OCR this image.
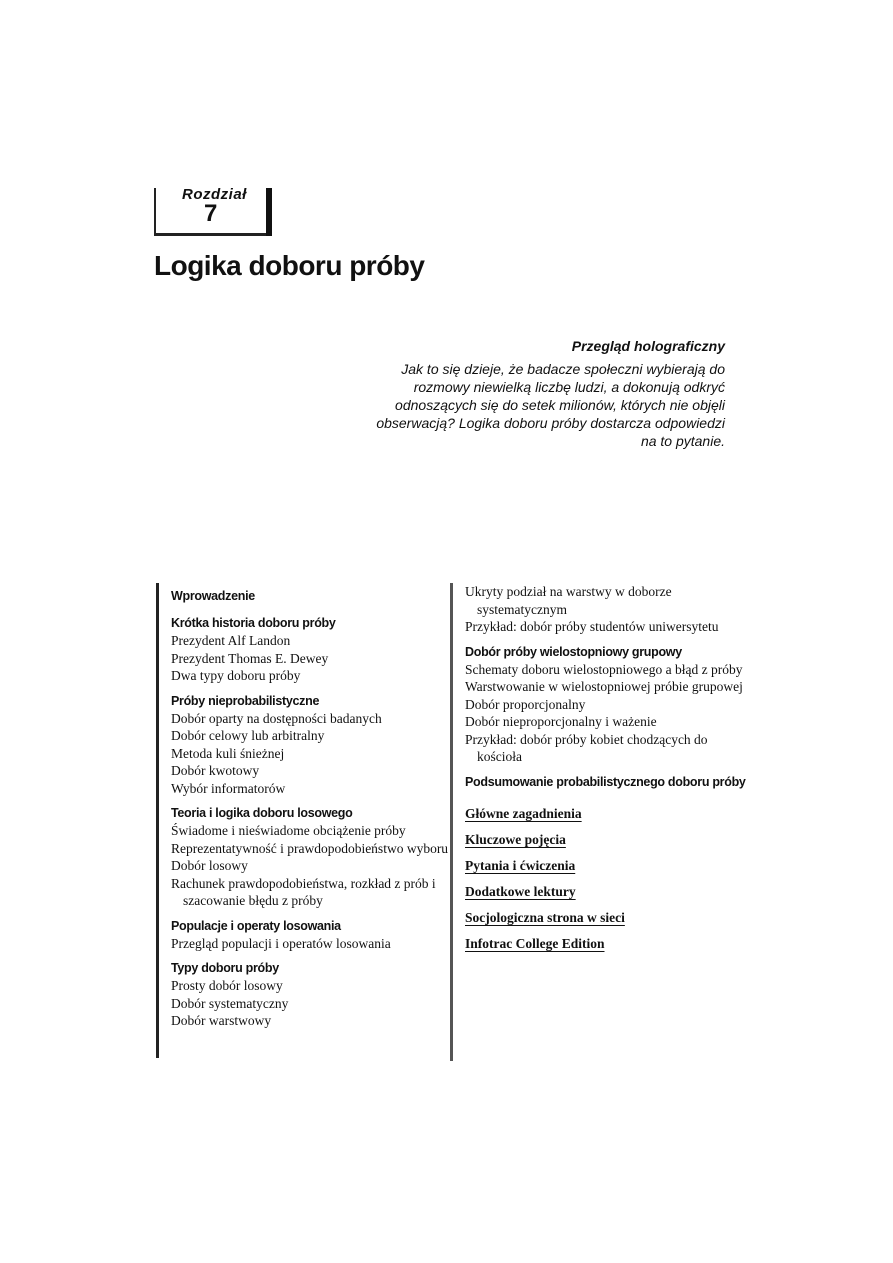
Rozdział
7
Logika doboru próby
Przegląd holograficzny
Jak to się dzieje, że badacze społeczni wybierają do rozmowy niewielką liczbę ludzi, a dokonują odkryć odnoszących się do setek milionów, których nie objęli obserwacją? Logika doboru próby dostarcza odpowiedzi na to pytanie.
Wprowadzenie
Krótka historia doboru próby
Prezydent Alf Landon
Prezydent Thomas E. Dewey
Dwa typy doboru próby
Próby nieprobabilistyczne
Dobór oparty na dostępności badanych
Dobór celowy lub arbitralny
Metoda kuli śnieżnej
Dobór kwotowy
Wybór informatorów
Teoria i logika doboru losowego
Świadome i nieświadome obciążenie próby
Reprezentatywność i prawdopodobieństwo wyboru
Dobór losowy
Rachunek prawdopodobieństwa, rozkład z prób i szacowanie błędu z próby
Populacje i operaty losowania
Przegląd populacji i operatów losowania
Typy doboru próby
Prosty dobór losowy
Dobór systematyczny
Dobór warstwowy
Ukryty podział na warstwy w doborze systematycznym
Przykład: dobór próby studentów uniwersytetu
Dobór próby wielostopniowy grupowy
Schematy doboru wielostopniowego a błąd z próby
Warstwowanie w wielostopniowej próbie grupowej
Dobór proporcjonalny
Dobór nieproporcjonalny i ważenie
Przykład: dobór próby kobiet chodzących do kościoła
Podsumowanie probabilistycznego doboru próby
Główne zagadnienia
Kluczowe pojęcia
Pytania i ćwiczenia
Dodatkowe lektury
Socjologiczna strona w sieci
Infotrac College Edition
